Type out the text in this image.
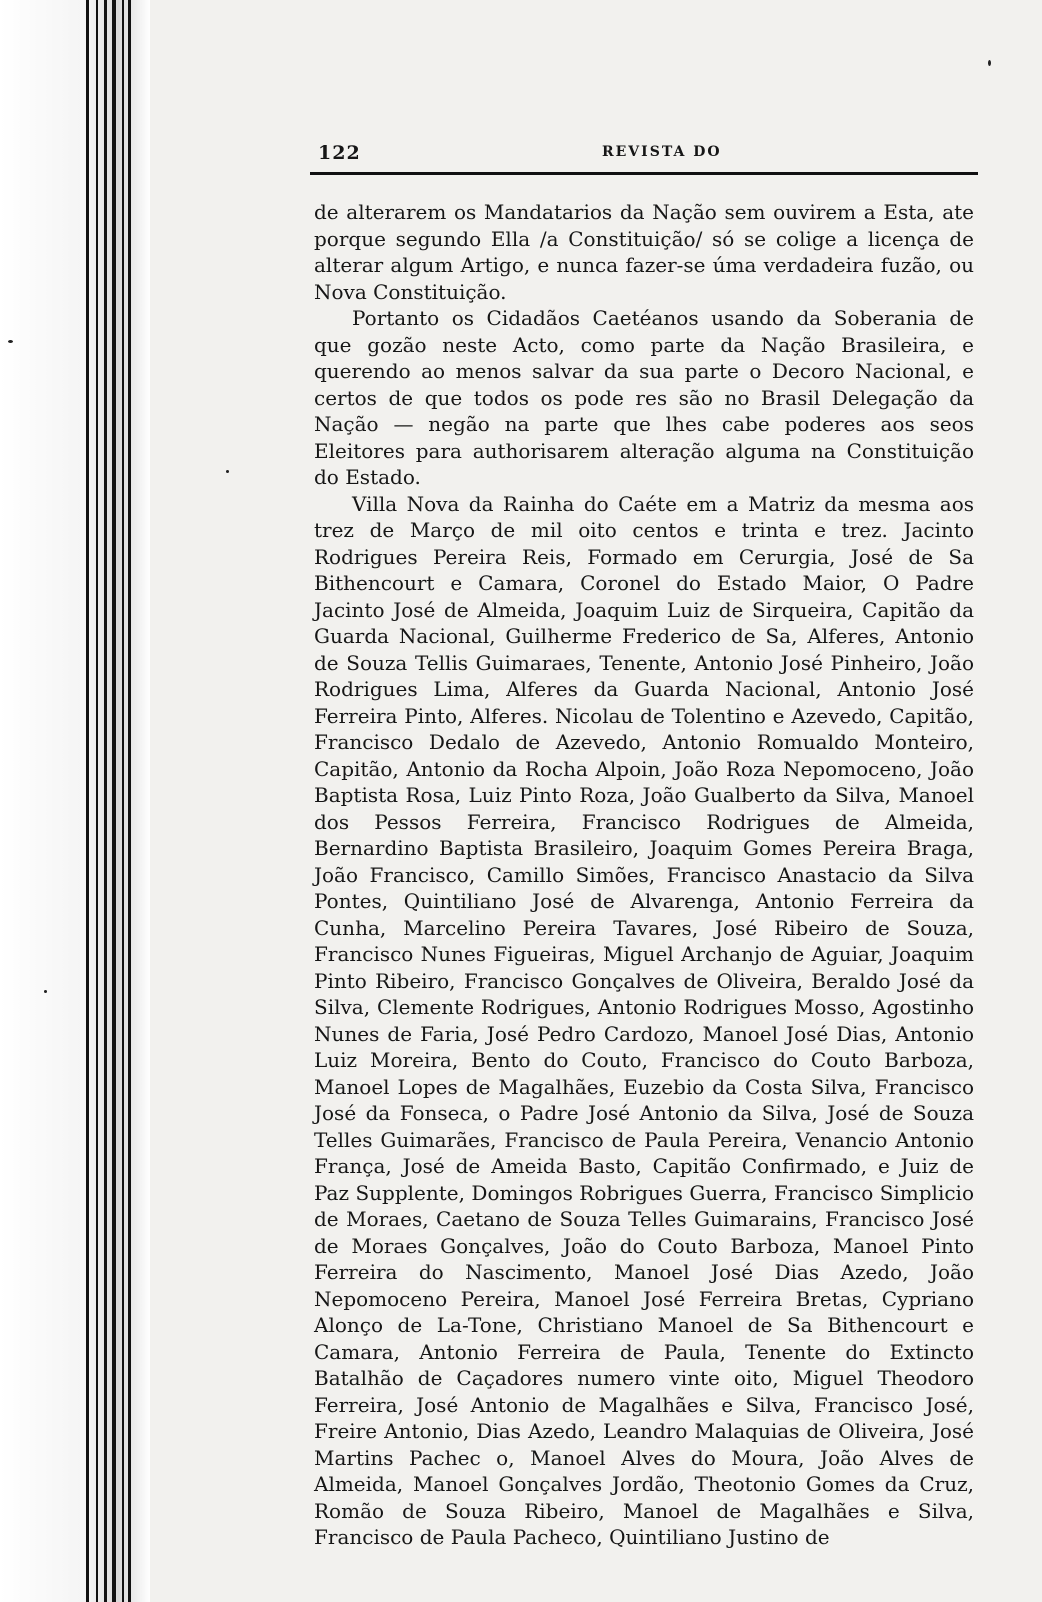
122	REVISTA DO

de alterarem os Mandatarios da Nação sem ouvirem a Esta, ate porque segundo Ella /a Constituição/ só se colige a licença de alterar algum Artigo, e nunca fazer-se úma verdadeira fuzão, ou Nova Constituição.

Portanto os Cidadãos Caetéanos usando da Soberania de que gozão neste Acto, como parte da Nação Brasileira, e querendo ao menos salvar da sua parte o Decoro Nacional, e certos de que todos os pode res são no Brasil Delegação da Nação — negão na parte que lhes cabe poderes aos seos Eleitores para authorisarem alteração alguma na Constituição do Estado.

Villa Nova da Rainha do Caéte em a Matriz da mesma aos trez de Março de mil oito centos e trinta e trez. Jacinto Rodrigues Pereira Reis, Formado em Cerurgia, José de Sa Bithencourt e Camara, Coronel do Estado Maior, O Padre Jacinto José de Almeida, Joaquim Luiz de Sirqueira, Capitão da Guarda Nacional, Guilherme Frederico de Sa, Alferes, Antonio de Souza Tellis Guimaraes, Tenente, Antonio José Pinheiro, João Rodrigues Lima, Alferes da Guarda Nacional, Antonio José Ferreira Pinto, Alferes. Nicolau de Tolentino e Azevedo, Capitão, Francisco Dedalo de Azevedo, Antonio Romualdo Monteiro, Capitão, Antonio da Rocha Alpoin, João Roza Nepomoceno, João Baptista Rosa, Luiz Pinto Roza, João Gualberto da Silva, Manoel dos Pessos Ferreira, Francisco Rodrigues de Almeida, Bernardino Baptista Brasileiro, Joaquim Gomes Pereira Braga, João Francisco, Camillo Simões, Francisco Anastacio da Silva Pontes, Quintiliano José de Alvarenga, Antonio Ferreira da Cunha, Marcelino Pereira Tavares, José Ribeiro de Souza, Francisco Nunes Figueiras, Miguel Archanjo de Aguiar, Joaquim Pinto Ribeiro, Francisco Gonçalves de Oliveira, Beraldo José da Silva, Clemente Rodrigues, Antonio Rodrigues Mosso, Agostinho Nunes de Faria, José Pedro Cardozo, Manoel José Dias, Antonio Luiz Moreira, Bento do Couto, Francisco do Couto Barboza, Manoel Lopes de Magalhães, Euzebio da Costa Silva, Francisco José da Fonseca, o Padre José Antonio da Silva, José de Souza Telles Guimarães, Francisco de Paula Pereira, Venancio Antonio França, José de Ameida Basto, Capitão Confirmado, e Juiz de Paz Supplente, Domingos Robrigues Guerra, Francisco Simplicio de Moraes, Caetano de Souza Telles Guimarains, Francisco José de Moraes Gonçalves, João do Couto Barboza, Manoel Pinto Ferreira do Nascimento, Manoel José Dias Azedo, João Nepomoceno Pereira, Manoel José Ferreira Bretas, Cypriano Alonço de La-Tone, Christiano Manoel de Sa Bithencourt e Camara, Antonio Ferreira de Paula, Tenente do Extincto Batalhão de Caçadores numero vinte oito, Miguel Theodoro Ferreira, José Antonio de Magalhães e Silva, Francisco José, Freire Antonio, Dias Azedo, Leandro Malaquias de Oliveira, José Martins Pachec o, Manoel Alves do Moura, João Alves de Almeida, Manoel Gonçalves Jordão, Theotonio Gomes da Cruz, Romão de Souza Ribeiro, Manoel de Magalhães e Silva, Francisco de Paula Pacheco, Quintiliano Justino de
